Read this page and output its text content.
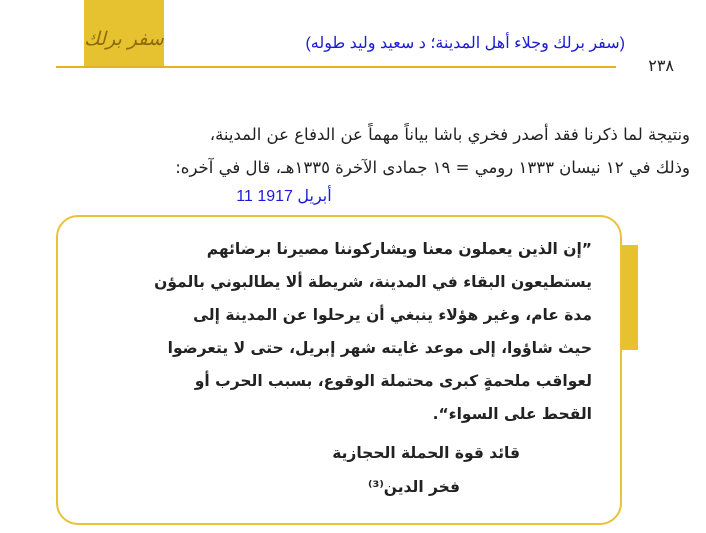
سفر برلك	(سفر برلك وجلاء أهل المدينة؛ د سعيد وليد طوله)
٢٣٨
ونتيجة لما ذكرنا فقد أصدر فخري باشا بياناً مهماً عن الدفاع عن المدينة،
وذلك في ١٢ نيسان ١٣٣٣ رومي = ١٩ جمادى الآخرة ١٣٣٥هـ، قال في آخره:
11 أبريل 1917
”إن الذين يعملون معنا ويشاركوننا مصيرنا برضائهم
يستطيعون البقاء في المدينة، شريطة ألا يطالبوني بالمؤن
مدة عام، وغير هؤلاء ينبغي أن يرحلوا عن المدينة إلى
حيث شاؤوا، إلى موعد غايته شهر إبريل، حتى لا يتعرضوا
لعواقب ملحمةٍ كبرى محتملة الوقوع، بسبب الحرب أو
القحط على السواء“.
قائد قوة الحملة الحجازية
فخر الدين⁽³⁾
